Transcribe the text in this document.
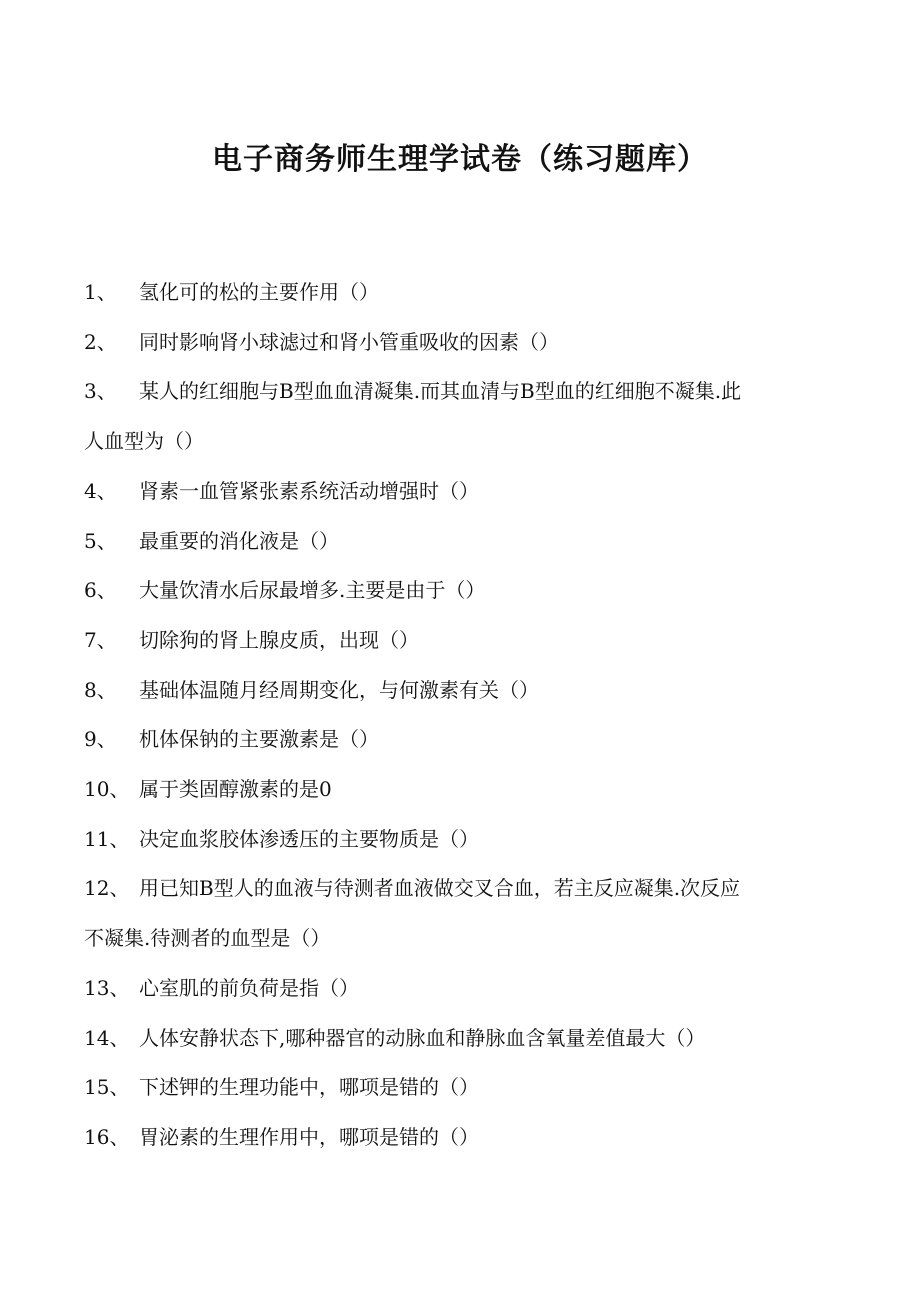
电子商务师生理学试卷（练习题库）
1、 氢化可的松的主要作用（）
2、 同时影响肾小球滤过和肾小管重吸收的因素（）
3、 某人的红细胞与B型血血清凝集.而其血清与B型血的红细胞不凝集.此
人血型为（）
4、 肾素一血管紧张素系统活动增强时（）
5、 最重要的消化液是（）
6、 大量饮清水后尿最增多.主要是由于（）
7、 切除狗的肾上腺皮质，出现（）
8、 基础体温随月经周期变化，与何激素有关（）
9、 机体保钠的主要激素是（）
10、 属于类固醇激素的是0
11、 决定血浆胶体渗透压的主要物质是（）
12、 用已知B型人的血液与待测者血液做交叉合血，若主反应凝集.次反应
不凝集.待测者的血型是（）
13、 心室肌的前负荷是指（）
14、 人体安静状态下,哪种器官的动脉血和静脉血含氧量差值最大（）
15、 下述钾的生理功能中，哪项是错的（）
16、 胃泌素的生理作用中，哪项是错的（）
